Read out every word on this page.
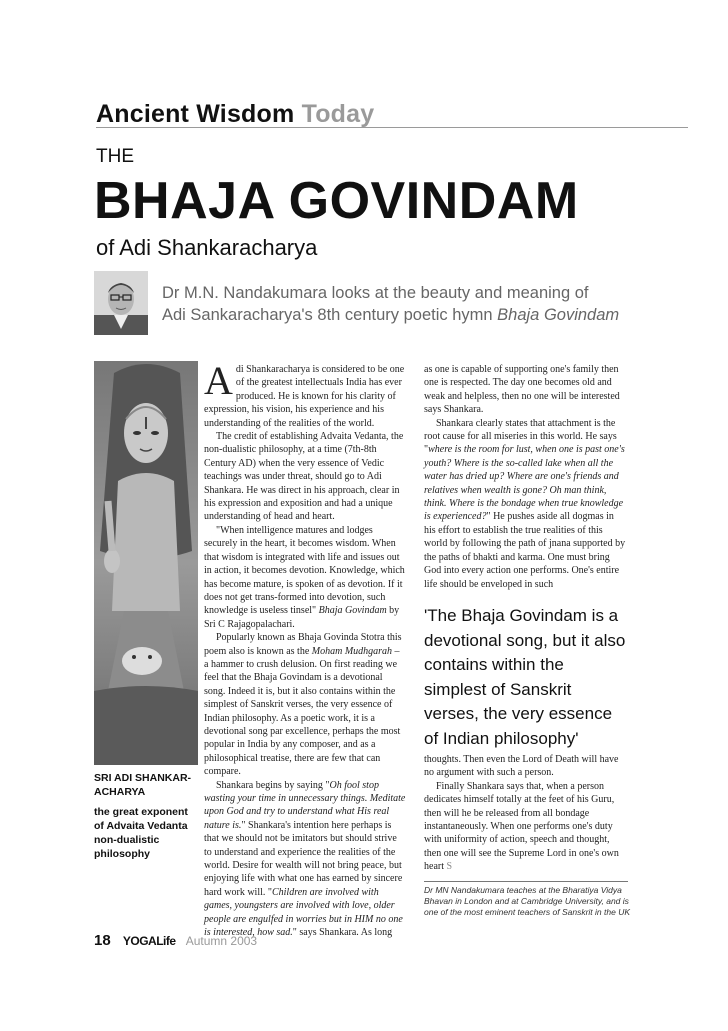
Ancient Wisdom Today
THE
BHAJA GOVINDAM
of Adi Shankaracharya
Dr M.N. Nandakumara looks at the beauty and meaning of
Adi Sankaracharya's 8th century poetic hymn Bhaja Govindam

SRI ADI SHANKAR-ACHARYA

the great exponent of Advaita Vedanta non-dualistic philosophy

Adi Shankaracharya is considered to be one of the greatest intellectuals India has ever produced. He is known for his clarity of expression, his vision, his experience and his understanding of the realities of the world.

The credit of establishing Advaita Vedanta, the non-dualistic philosophy, at a time (7th-8th Century AD) when the very essence of Vedic teachings was under threat, should go to Adi Shankara. He was direct in his approach, clear in his expression and exposition and had a unique understanding of head and heart.

"When intelligence matures and lodges securely in the heart, it becomes wisdom. When that wisdom is integrated with life and issues out in action, it becomes devotion. Knowledge, which has become mature, is spoken of as devotion. If it does not get trans-formed into devotion, such knowledge is useless tinsel" Bhaja Govindam by Sri C Rajagopalachari.

Popularly known as Bhaja Govinda Stotra this poem also is known as the Moham Mudhgarah – a hammer to crush delusion. On first reading we feel that the Bhaja Govindam is a devotional song. Indeed it is, but it also contains within the simplest of Sanskrit verses, the very essence of Indian philosophy. As a poetic work, it is a devotional song par excellence, perhaps the most popular in India by any composer, and as a philosophical treatise, there are few that can compare.

Shankara begins by saying "Oh fool stop wasting your time in unnecessary things. Meditate upon God and try to understand what His real nature is." Shankara's intention here perhaps is that we should not be imitators but should strive to understand and experience the realities of the world. Desire for wealth will not bring peace, but enjoying life with what one has earned by sincere hard work will. "Children are involved with games, youngsters are involved with love, older people are engulfed in worries but in HIM no one is interested, how sad." says Shankara. As long

as one is capable of supporting one's family then one is respected. The day one becomes old and weak and helpless, then no one will be interested says Shankara.

Shankara clearly states that attachment is the root cause for all miseries in this world. He says "where is the room for lust, when one is past one's youth? Where is the so-called lake when all the water has dried up? Where are one's friends and relatives when wealth is gone? Oh man think, think. Where is the bondage when true knowledge is experienced?" He pushes aside all dogmas in his effort to establish the true realities of this world by following the path of jnana supported by the paths of bhakti and karma. One must bring God into every action one performs. One's entire life should be enveloped in such

'The Bhaja Govindam is a devotional song, but it also contains within the simplest of Sanskrit verses, the very essence of Indian philosophy'

thoughts. Then even the Lord of Death will have no argument with such a person.

Finally Shankara says that, when a person dedicates himself totally at the feet of his Guru, then will he be released from all bondage instantaneously. When one performs one's duty with uniformity of action, speech and thought, then one will see the Supreme Lord in one's own heart S

Dr MN Nandakumara teaches at the Bharatiya Vidya Bhavan in London and at Cambridge University, and is one of the most eminent teachers of Sanskrit in the UK
18 YOGALife Autumn 2003
